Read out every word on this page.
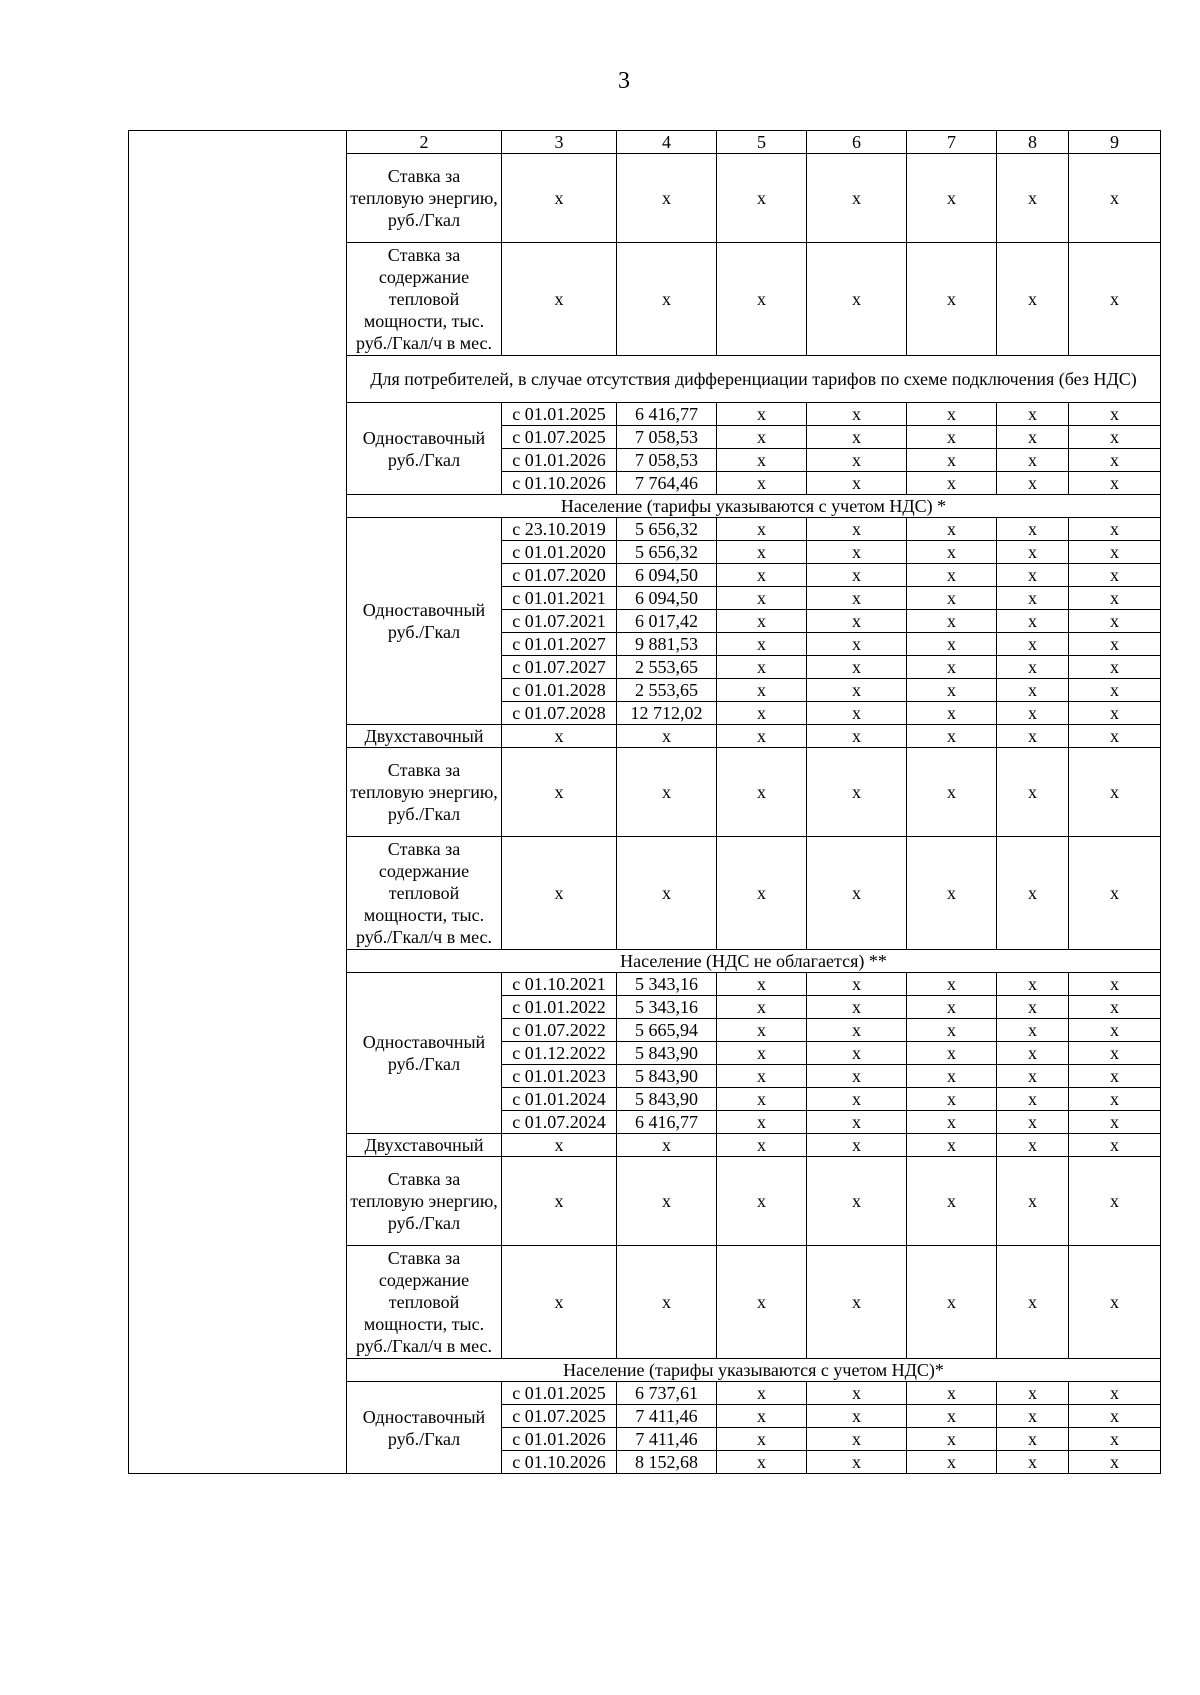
3
	2	3	4	5	6	7	8	9
	Ставка за тепловую энергию, руб./Гкал	x	x	x	x	x	x	x
	Ставка за содержание тепловой мощности, тыс. руб./Гкал/ч в мес.	x	x	x	x	x	x	x
	Для потребителей, в случае отсутствия дифференциации тарифов по схеме подключения (без НДС)							
	Одноставочный руб./Гкал	с 01.01.2025	6 416,77	x	x	x	x	x
		с 01.07.2025	7 058,53	x	x	x	x	x
		с 01.01.2026	7 058,53	x	x	x	x	x
		с 01.10.2026	7 764,46	x	x	x	x	x
	Население (тарифы указываются с учетом НДС) *							
	Одноставочный руб./Гкал	с 23.10.2019	5 656,32	x	x	x	x	x
		с 01.01.2020	5 656,32	x	x	x	x	x
		с 01.07.2020	6 094,50	x	x	x	x	x
		с 01.01.2021	6 094,50	x	x	x	x	x
		с 01.07.2021	6 017,42	x	x	x	x	x
		с 01.01.2027	9 881,53	x	x	x	x	x
		с 01.07.2027	2 553,65	x	x	x	x	x
		с 01.01.2028	2 553,65	x	x	x	x	x
		с 01.07.2028	12 712,02	x	x	x	x	x
	Двухставочный	x	x	x	x	x	x	x
	Ставка за тепловую энергию, руб./Гкал	x	x	x	x	x	x	x
	Ставка за содержание тепловой мощности, тыс. руб./Гкал/ч в мес.	x	x	x	x	x	x	x
	Население (НДС не облагается) **							
	Одноставочный руб./Гкал	с 01.10.2021	5 343,16	x	x	x	x	x
		с 01.01.2022	5 343,16	x	x	x	x	x
		с 01.07.2022	5 665,94	x	x	x	x	x
		с 01.12.2022	5 843,90	x	x	x	x	x
		с 01.01.2023	5 843,90	x	x	x	x	x
		с 01.01.2024	5 843,90	x	x	x	x	x
		с 01.07.2024	6 416,77	x	x	x	x	x
	Двухставочный	x	x	x	x	x	x	x
	Ставка за тепловую энергию, руб./Гкал	x	x	x	x	x	x	x
	Ставка за содержание тепловой мощности, тыс. руб./Гкал/ч в мес.	x	x	x	x	x	x	x
	Население (тарифы указываются с учетом НДС)*							
	Одноставочный руб./Гкал	с 01.01.2025	6 737,61	x	x	x	x	x
		с 01.07.2025	7 411,46	x	x	x	x	x
		с 01.01.2026	7 411,46	x	x	x	x	x
		с 01.10.2026	8 152,68	x	x	x	x	x
